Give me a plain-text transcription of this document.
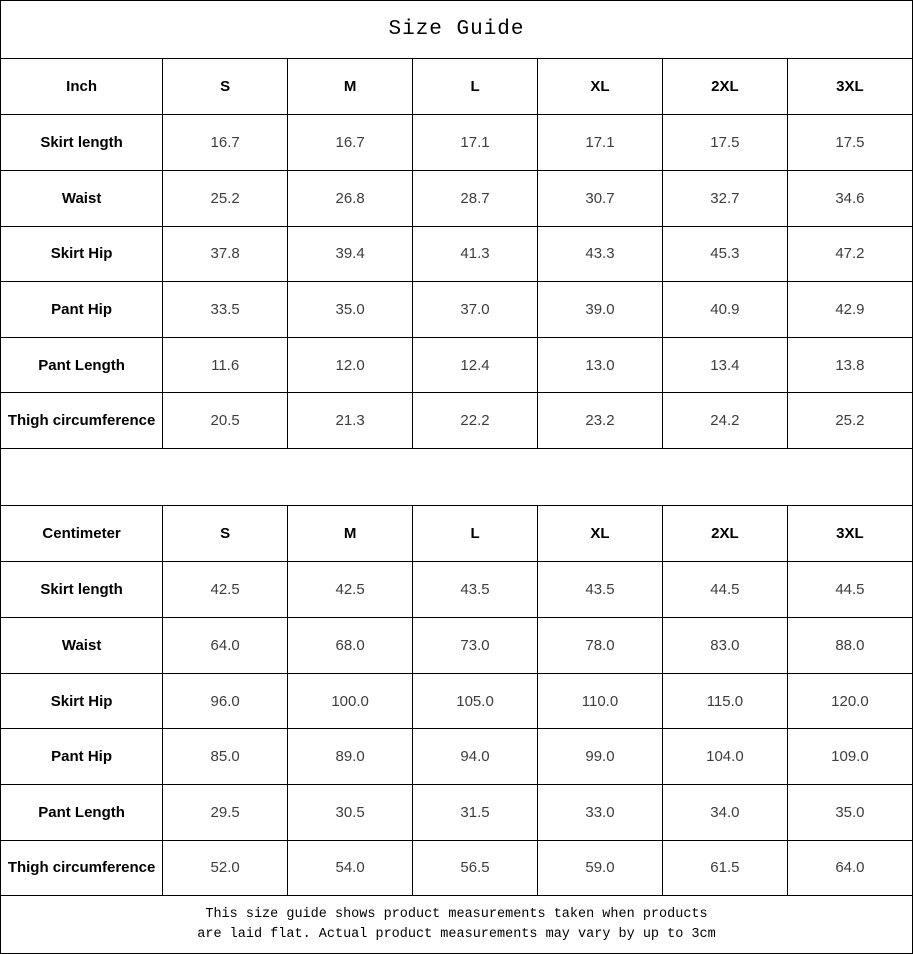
Size Guide						
Inch	S	M	L	XL	2XL	3XL
Skirt length	16.7	16.7	17.1	17.1	17.5	17.5
Waist	25.2	26.8	28.7	30.7	32.7	34.6
Skirt Hip	37.8	39.4	41.3	43.3	45.3	47.2
Pant Hip	33.5	35.0	37.0	39.0	40.9	42.9
Pant Length	11.6	12.0	12.4	13.0	13.4	13.8
Thigh circumference	20.5	21.3	22.2	23.2	24.2	25.2

Centimeter	S	M	L	XL	2XL	3XL
Skirt length	42.5	42.5	43.5	43.5	44.5	44.5
Waist	64.0	68.0	73.0	78.0	83.0	88.0
Skirt Hip	96.0	100.0	105.0	110.0	115.0	120.0
Pant Hip	85.0	89.0	94.0	99.0	104.0	109.0
Pant Length	29.5	30.5	31.5	33.0	34.0	35.0
Thigh circumference	52.0	54.0	56.5	59.0	61.5	64.0

This size guide shows product measurements taken when products
are laid flat. Actual product measurements may vary by up to 3cm						
